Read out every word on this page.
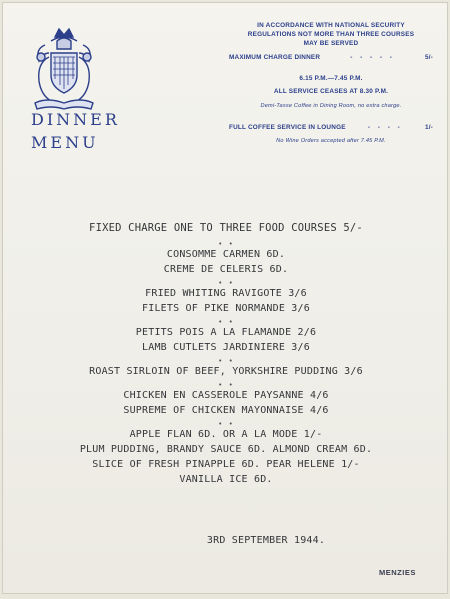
DINNER
MENU
IN ACCORDANCE WITH NATIONAL SECURITY
REGULATIONS NOT MORE THAN THREE COURSES
MAY BE SERVED
MAXIMUM CHARGE DINNER	- - - - -	5/-
6.15 P.M.—7.45 P.M.
ALL SERVICE CEASES AT 8.30 P.M.
Demi-Tasse Coffee in Dining Room, no extra charge.
FULL COFFEE SERVICE IN LOUNGE	- - - -	1/-
No Wine Orders accepted after 7.45 P.M.
FIXED CHARGE ONE TO THREE FOOD COURSES 5/-
• •
CONSOMME CARMEN 6D.
CREME DE CELERIS 6D.
• •
FRIED WHITING RAVIGOTE 3/6
FILETS OF PIKE NORMANDE 3/6
• •
PETITS POIS A LA FLAMANDE 2/6
LAMB CUTLETS JARDINIERE 3/6
• •
ROAST SIRLOIN OF BEEF, YORKSHIRE PUDDING 3/6
• •
CHICKEN EN CASSEROLE PAYSANNE 4/6
SUPREME OF CHICKEN MAYONNAISE 4/6
• •
APPLE FLAN 6D. OR A LA MODE 1/-
PLUM PUDDING, BRANDY SAUCE 6D. ALMOND CREAM 6D.
SLICE OF FRESH PINAPPLE 6D. PEAR HELENE 1/-
VANILLA ICE 6D.
3RD SEPTEMBER 1944.
MENZIES
